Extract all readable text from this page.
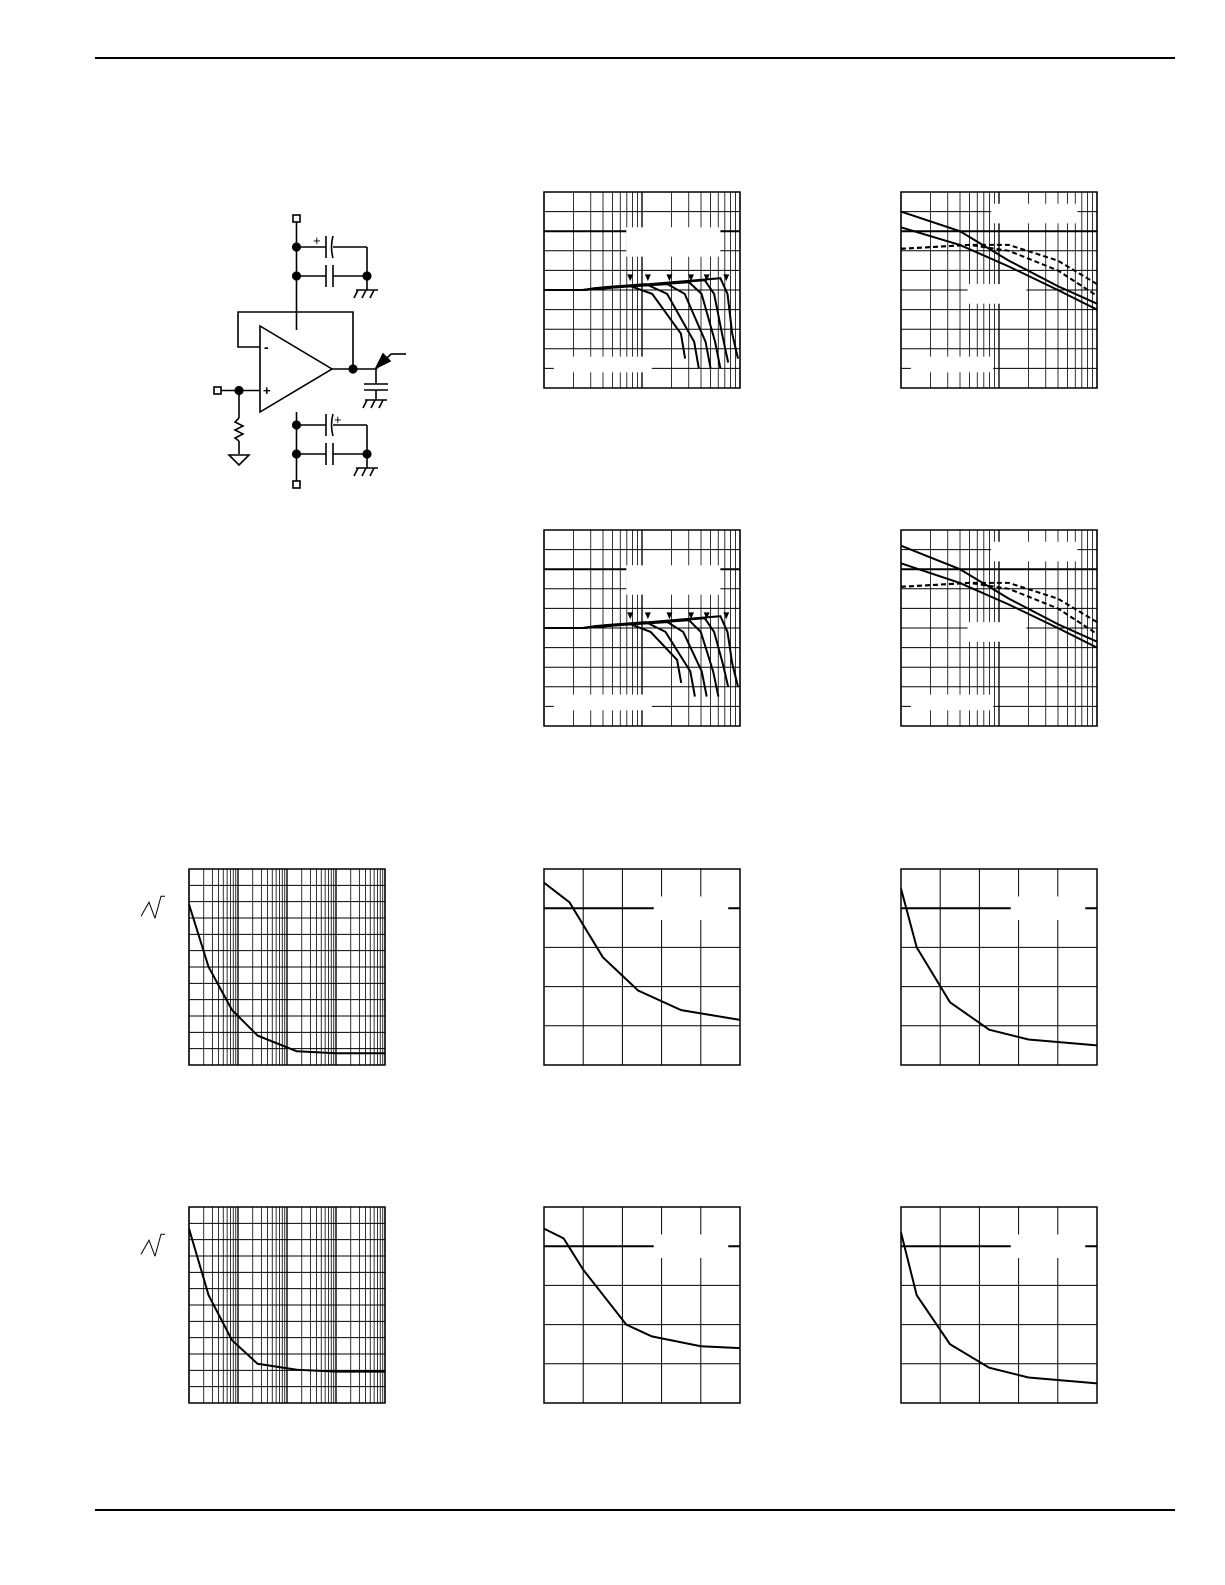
-
+
+
+
